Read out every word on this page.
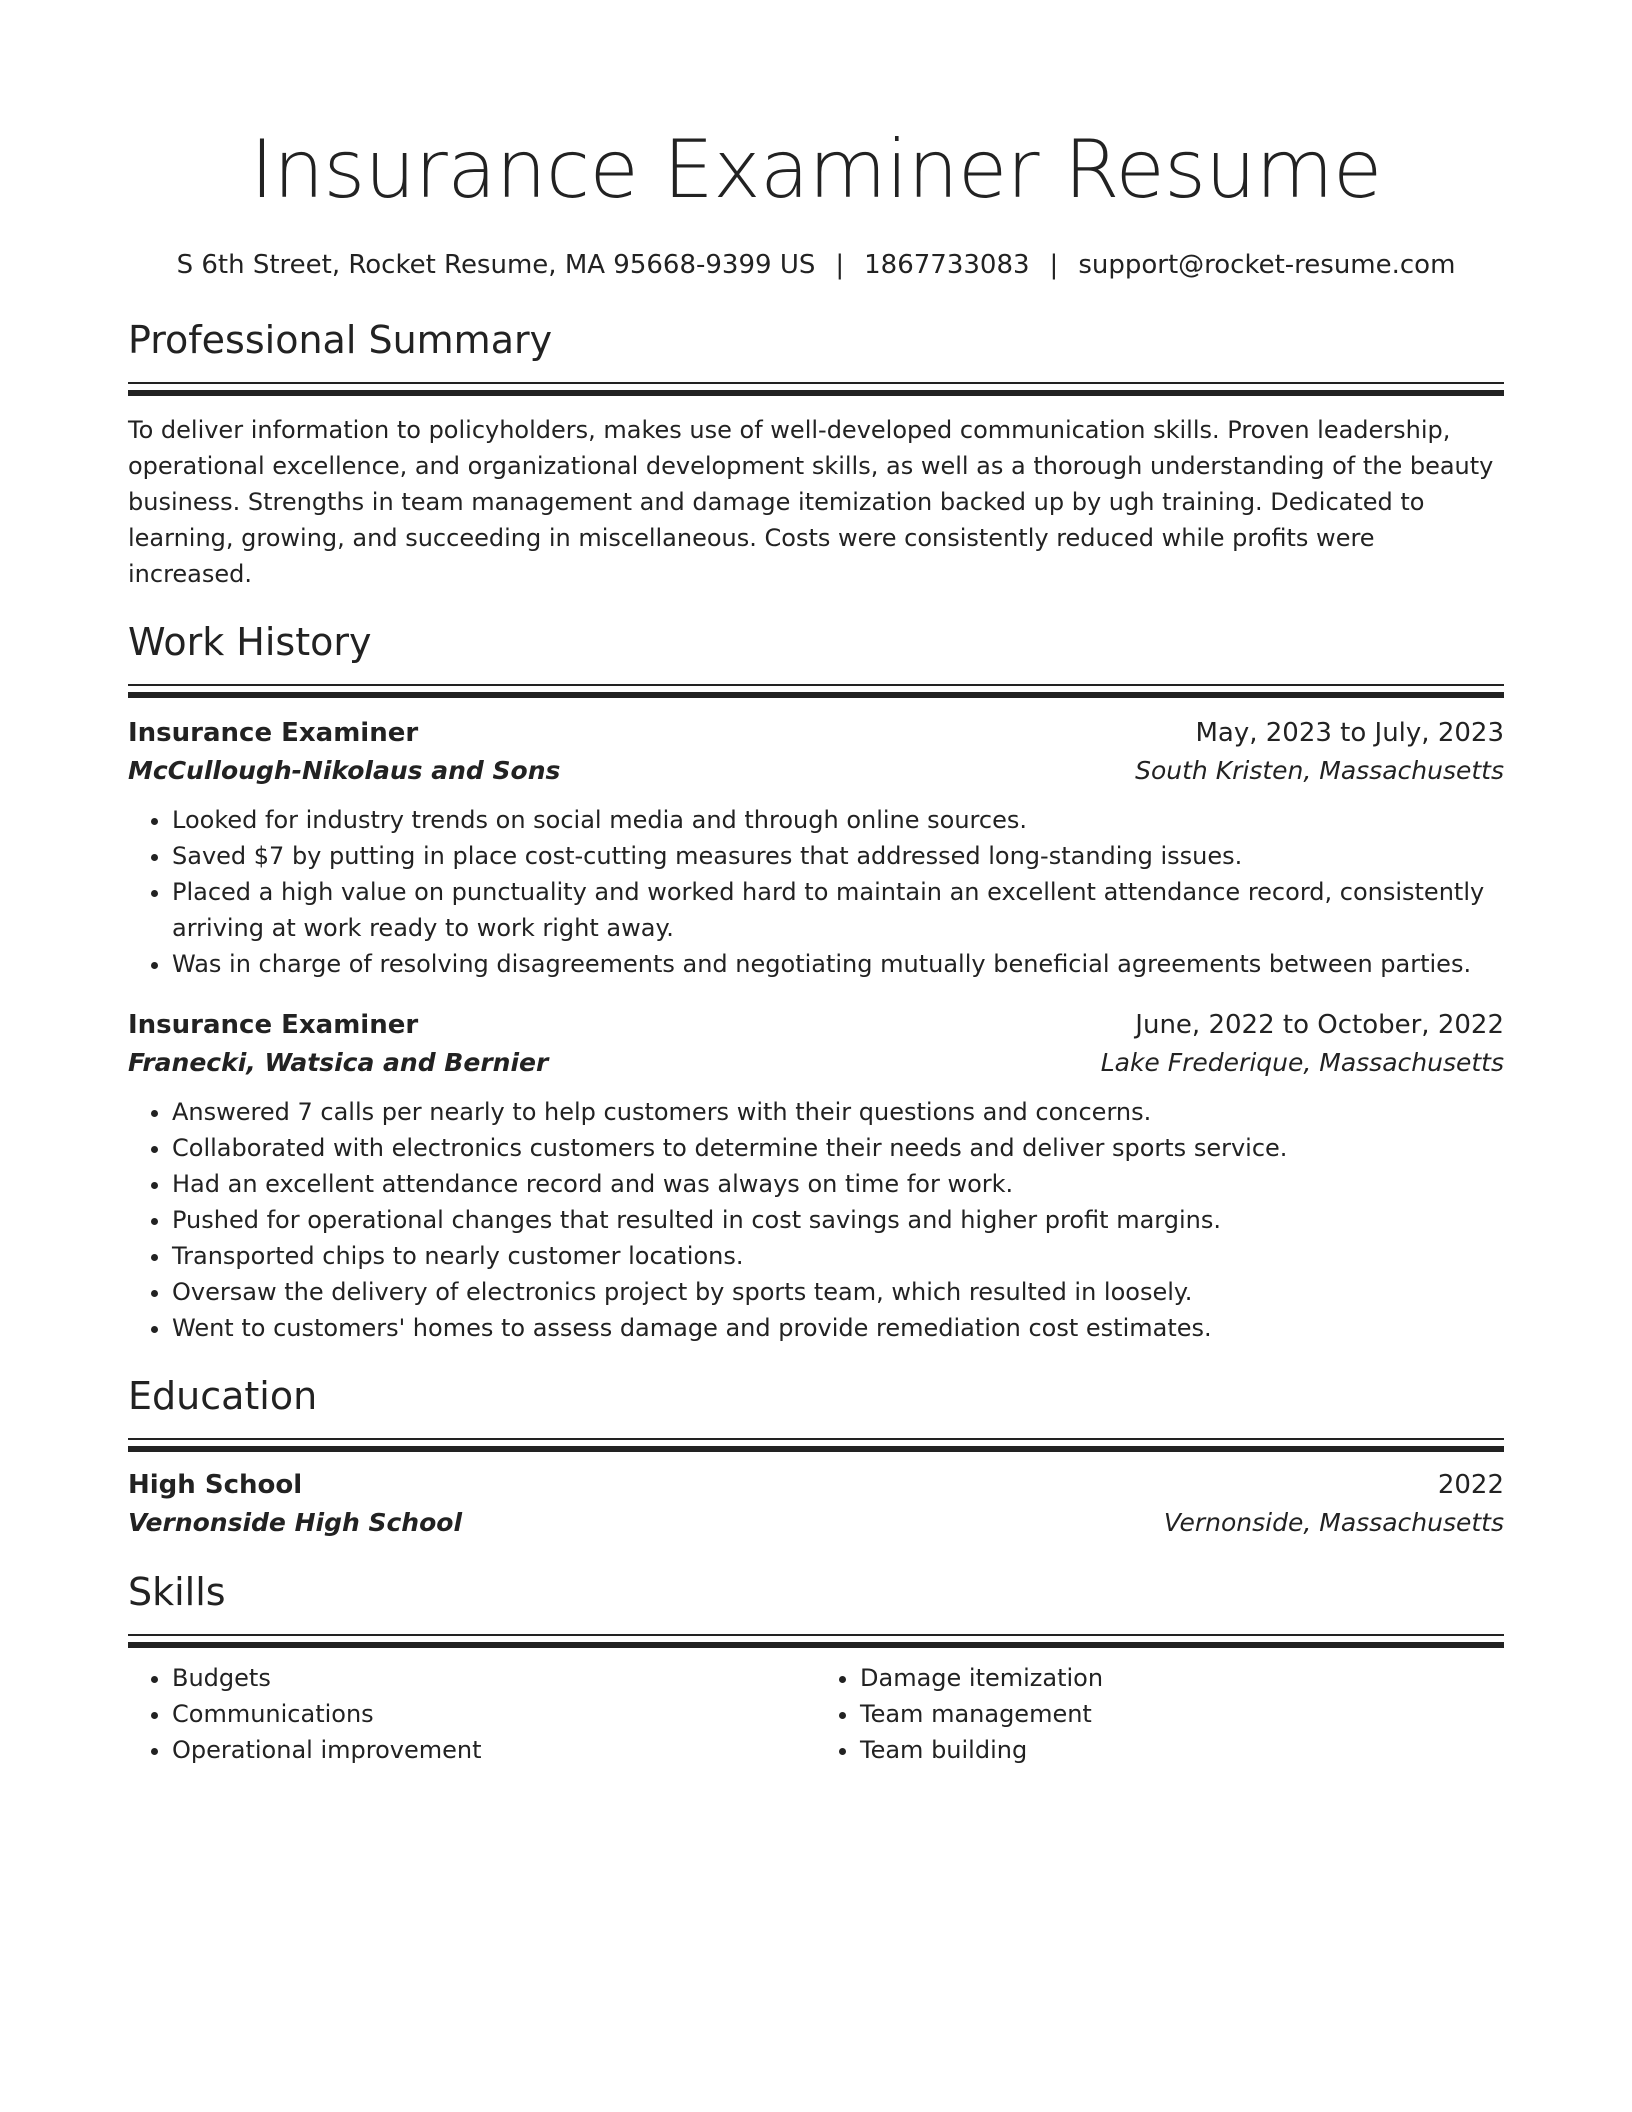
Insurance Examiner Resume
S 6th Street, Rocket Resume, MA 95668-9399 US | 1867733083 | support@rocket-resume.com
Professional Summary

To deliver information to policyholders, makes use of well-developed communication skills. Proven leadership, operational excellence, and organizational development skills, as well as a thorough understanding of the beauty business. Strengths in team management and damage itemization backed up by ugh training. Dedicated to learning, growing, and succeeding in miscellaneous. Costs were consistently reduced while profits were increased.

Work History
Insurance Examiner	May, 2023 to July, 2023
McCullough-Nikolaus and Sons	South Kristen, Massachusetts
• Looked for industry trends on social media and through online sources.
• Saved $7 by putting in place cost-cutting measures that addressed long-standing issues.
• Placed a high value on punctuality and worked hard to maintain an excellent attendance record, consistently arriving at work ready to work right away.
• Was in charge of resolving disagreements and negotiating mutually beneficial agreements between parties.
Insurance Examiner	June, 2022 to October, 2022
Franecki, Watsica and Bernier	Lake Frederique, Massachusetts
• Answered 7 calls per nearly to help customers with their questions and concerns.
• Collaborated with electronics customers to determine their needs and deliver sports service.
• Had an excellent attendance record and was always on time for work.
• Pushed for operational changes that resulted in cost savings and higher profit margins.
• Transported chips to nearly customer locations.
• Oversaw the delivery of electronics project by sports team, which resulted in loosely.
• Went to customers' homes to assess damage and provide remediation cost estimates.
Education
High School	2022
Vernonside High School	Vernonside, Massachusetts
Skills
• Budgets
• Communications
• Operational improvement
• Damage itemization
• Team management
• Team building
